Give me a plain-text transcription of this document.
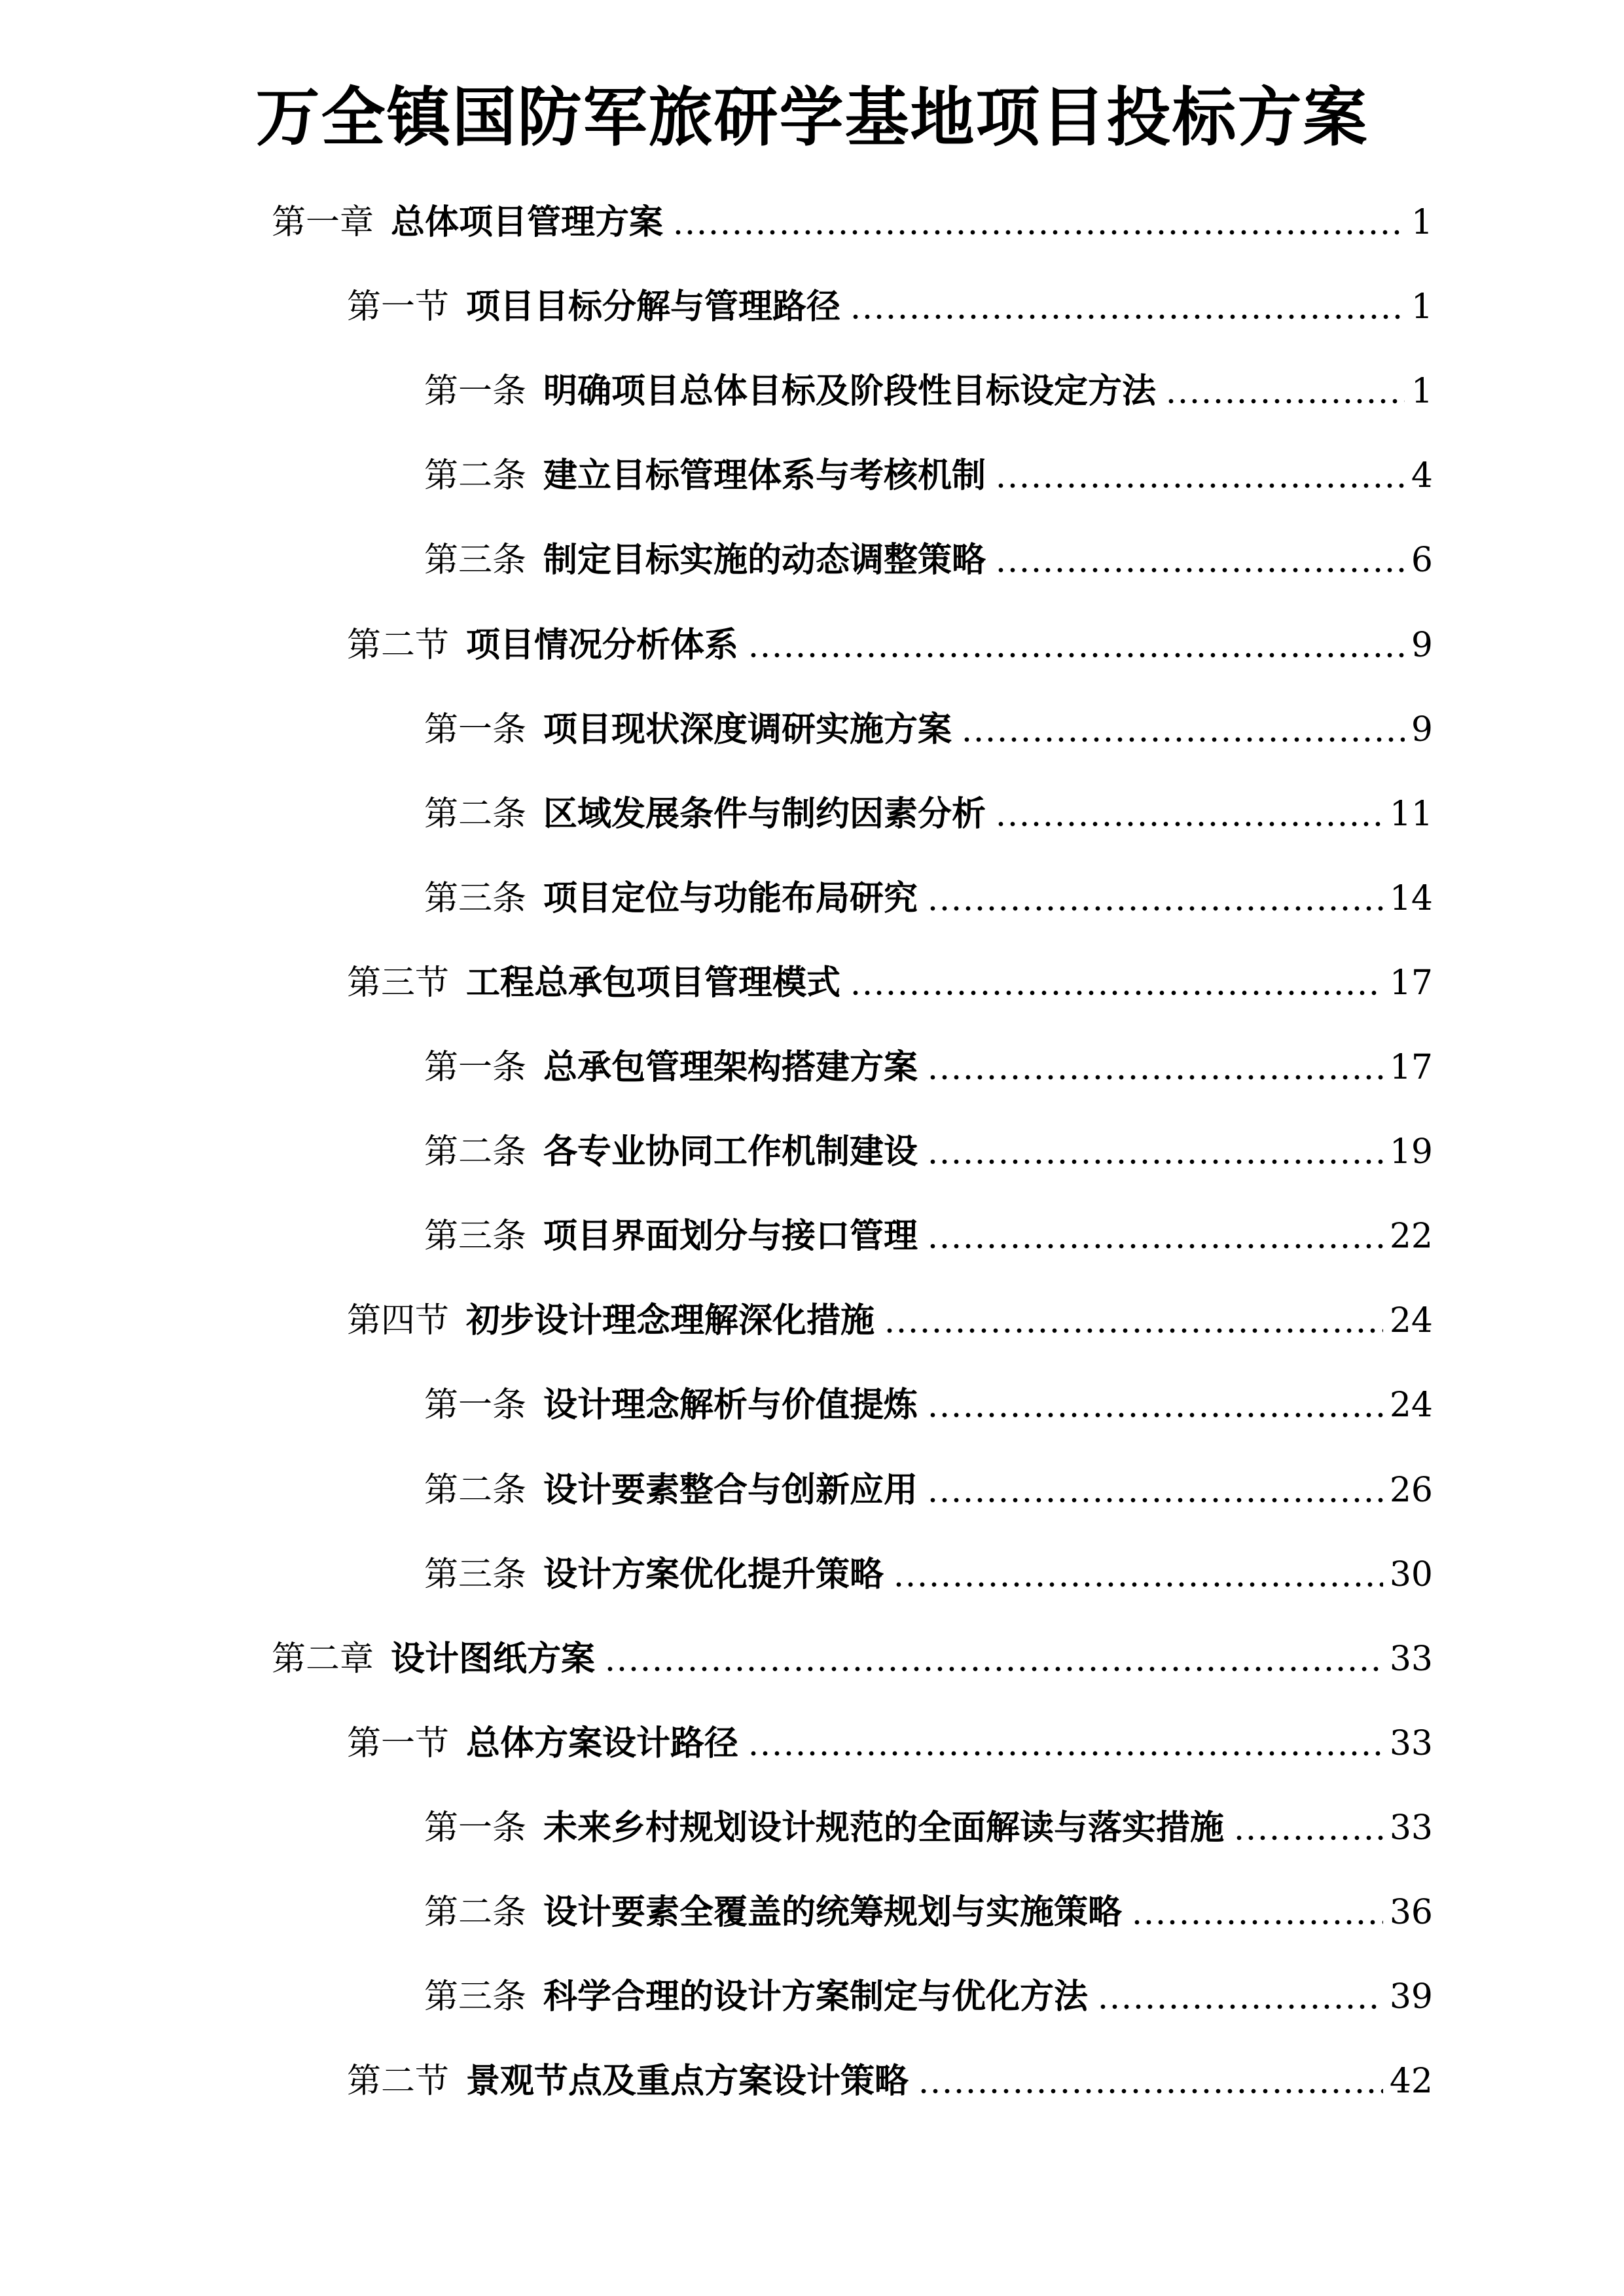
万全镇国防军旅研学基地项目投标方案
第一章 总体项目管理方案	1
第一节 项目目标分解与管理路径	1
第一条 明确项目总体目标及阶段性目标设定方法	1
第二条 建立目标管理体系与考核机制	4
第三条 制定目标实施的动态调整策略	6
第二节 项目情况分析体系	9
第一条 项目现状深度调研实施方案	9
第二条 区域发展条件与制约因素分析	11
第三条 项目定位与功能布局研究	14
第三节 工程总承包项目管理模式	17
第一条 总承包管理架构搭建方案	17
第二条 各专业协同工作机制建设	19
第三条 项目界面划分与接口管理	22
第四节 初步设计理念理解深化措施	24
第一条 设计理念解析与价值提炼	24
第二条 设计要素整合与创新应用	26
第三条 设计方案优化提升策略	30
第二章 设计图纸方案	33
第一节 总体方案设计路径	33
第一条 未来乡村规划设计规范的全面解读与落实措施	33
第二条 设计要素全覆盖的统筹规划与实施策略	36
第三条 科学合理的设计方案制定与优化方法	39
第二节 景观节点及重点方案设计策略	42
